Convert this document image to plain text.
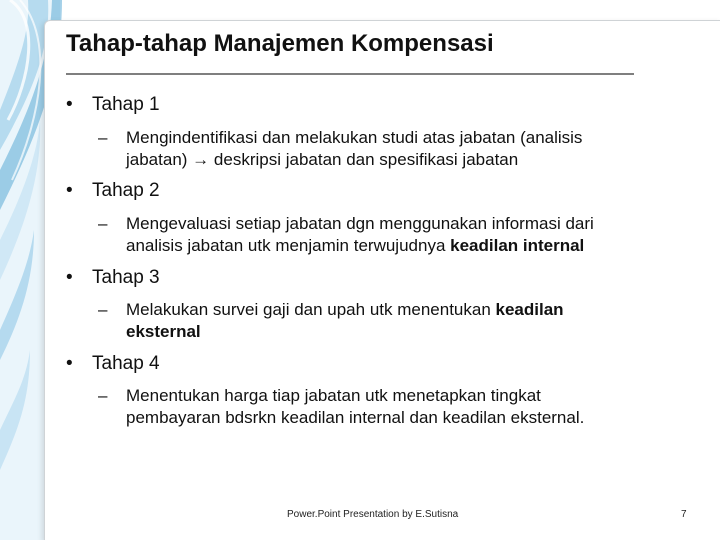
Tahap-tahap Manajemen Kompensasi
• Tahap 1
–	Mengindentifikasi dan melakukan studi atas jabatan (analisis
jabatan) → deskripsi jabatan dan spesifikasi jabatan
• Tahap 2
–	Mengevaluasi setiap jabatan dgn menggunakan informasi dari
analisis jabatan utk menjamin terwujudnya keadilan internal
• Tahap 3
–	Melakukan survei gaji dan upah utk menentukan keadilan
eksternal
• Tahap 4
–	Menentukan harga tiap jabatan utk menetapkan tingkat
pembayaran bdsrkn keadilan internal dan keadilan eksternal.
Power.Point Presentation by E.Sutisna	7
